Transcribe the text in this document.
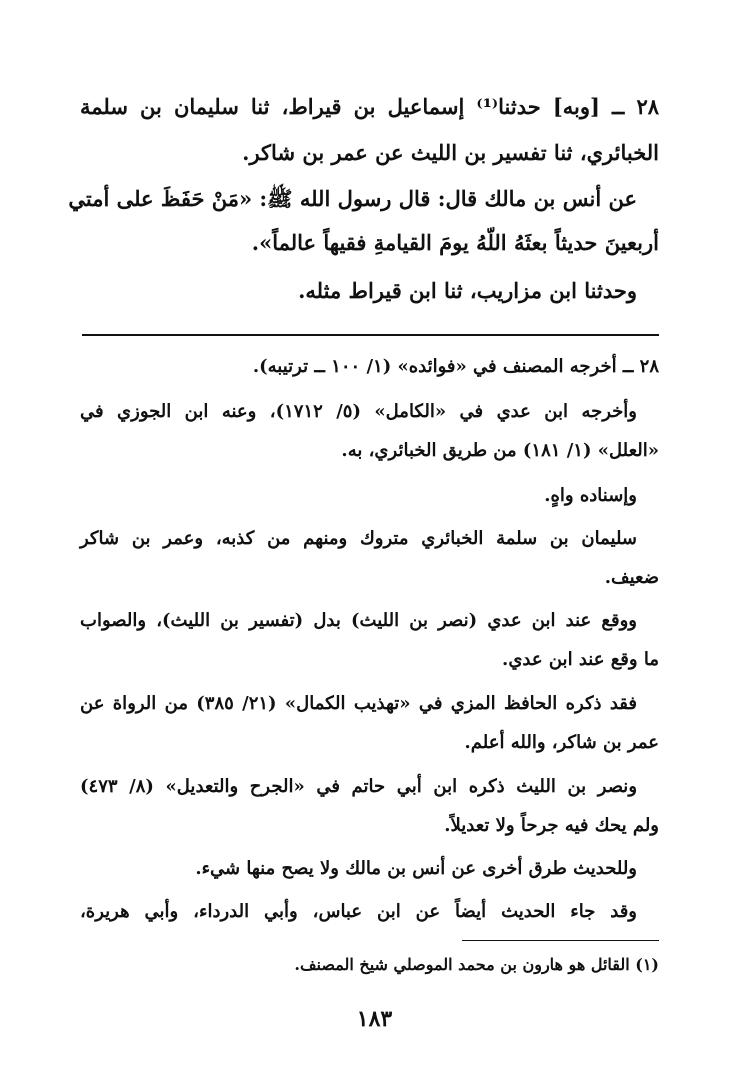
٢٨ ــ [وبه] حدثنا⁽¹⁾ إسماعيل بن قيراط، ثنا سليمان بن سلمة
الخبائري، ثنا تفسير بن الليث عن عمر بن شاكر.
عن أنس بن مالك قال: قال رسول الله ﷺ: «مَنْ حَفَظَ على أمتي
أربعينَ حديثاً بعثَهُ اللّهُ يومَ القيامةِ فقيهاً عالماً».
وحدثنا ابن مزاريب، ثنا ابن قيراط مثله.
٢٨ ــ أخرجه المصنف في «فوائده» (١/ ١٠٠ ــ ترتيبه).
وأخرجه ابن عدي في «الكامل» (٥/ ١٧١٢)، وعنه ابن الجوزي في
«العلل» (١/ ١٨١) من طريق الخبائري، به.
وإسناده واهٍ.
سليمان بن سلمة الخبائري متروك ومنهم من كذبه، وعمر بن شاكر
ضعيف.
ووقع عند ابن عدي (نصر بن الليث) بدل (تفسير بن الليث)، والصواب
ما وقع عند ابن عدي.
فقد ذكره الحافظ المزي في «تهذيب الكمال» (٢١/ ٣٨٥) من الرواة عن
عمر بن شاكر، والله أعلم.
ونصر بن الليث ذكره ابن أبي حاتم في «الجرح والتعديل» (٨/ ٤٧٣)
ولم يحك فيه جرحاً ولا تعديلاً.
وللحديث طرق أخرى عن أنس بن مالك ولا يصح منها شيء.
وقد جاء الحديث أيضاً عن ابن عباس، وأبي الدرداء، وأبي هريرة،
(١) القائل هو هارون بن محمد الموصلي شيخ المصنف.
١٨٣
